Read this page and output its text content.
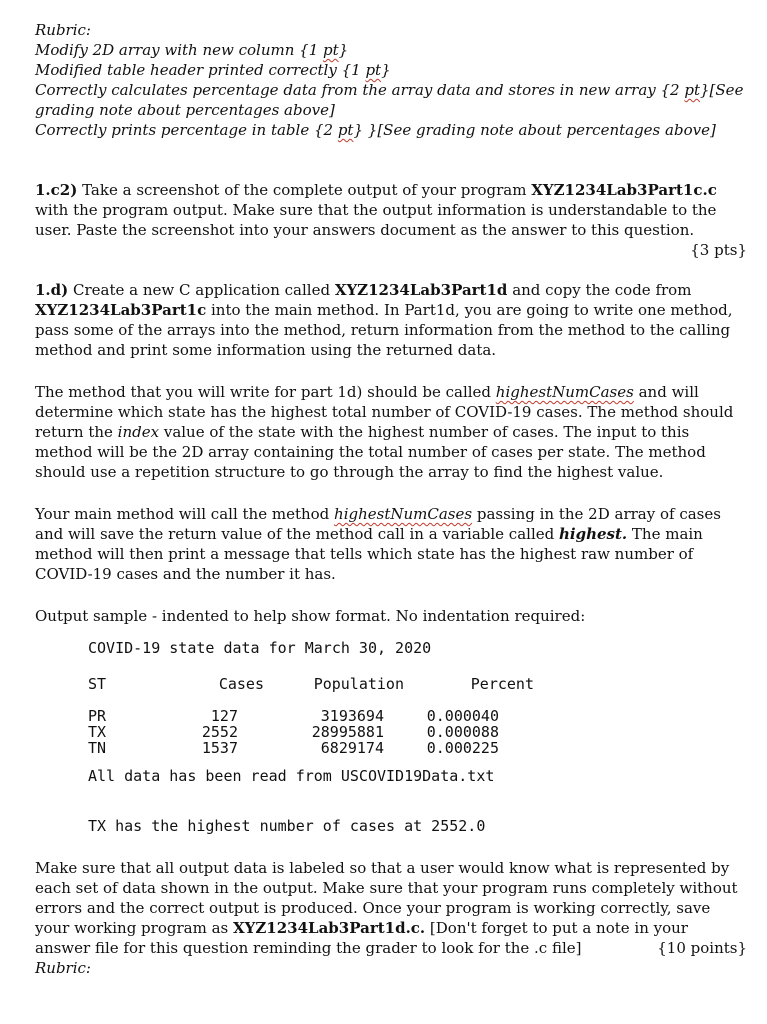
Rubric:
Modify 2D array with new column {1 pt}
Modified table header printed correctly {1 pt}
Correctly calculates percentage data from the array data and stores in new array {2 pt}[See grading note about percentages above]
Correctly prints percentage in table {2 pt} }[See grading note about percentages above]

1.c2) Take a screenshot of the complete output of your program XYZ1234Lab3Part1c.c with the program output. Make sure that the output information is understandable to the user. Paste the screenshot into your answers document as the answer to this question.
{3 pts}

1.d) Create a new C application called XYZ1234Lab3Part1d and copy the code from XYZ1234Lab3Part1c into the main method. In Part1d, you are going to write one method, pass some of the arrays into the method, return information from the method to the calling method and print some information using the returned data.

The method that you will write for part 1d) should be called highestNumCases and will determine which state has the highest total number of COVID-19 cases. The method should return the index value of the state with the highest number of cases. The input to this method will be the 2D array containing the total number of cases per state. The method should use a repetition structure to go through the array to find the highest value.

Your main method will call the method highestNumCases passing in the 2D array of cases and will save the return value of the method call in a variable called highest. The main method will then print a message that tells which state has the highest raw number of COVID-19 cases and the number it has.

Output sample - indented to help show format. No indentation required:

COVID-19 state data for March 30, 2020
ST	Cases	Population	Percent
PR	127	3193694	0.000040
TX	2552	28995881	0.000088
TN	1537	6829174	0.000225
All data has been read from USCOVID19Data.txt
TX has the highest number of cases at 2552.0

Make sure that all output data is labeled so that a user would know what is represented by each set of data shown in the output. Make sure that your program runs completely without errors and the correct output is produced. Once your program is working correctly, save your working program as XYZ1234Lab3Part1d.c. [Don't forget to put a note in your answer file for this question reminding the grader to look for the .c file]	{10 points}

Rubric:
